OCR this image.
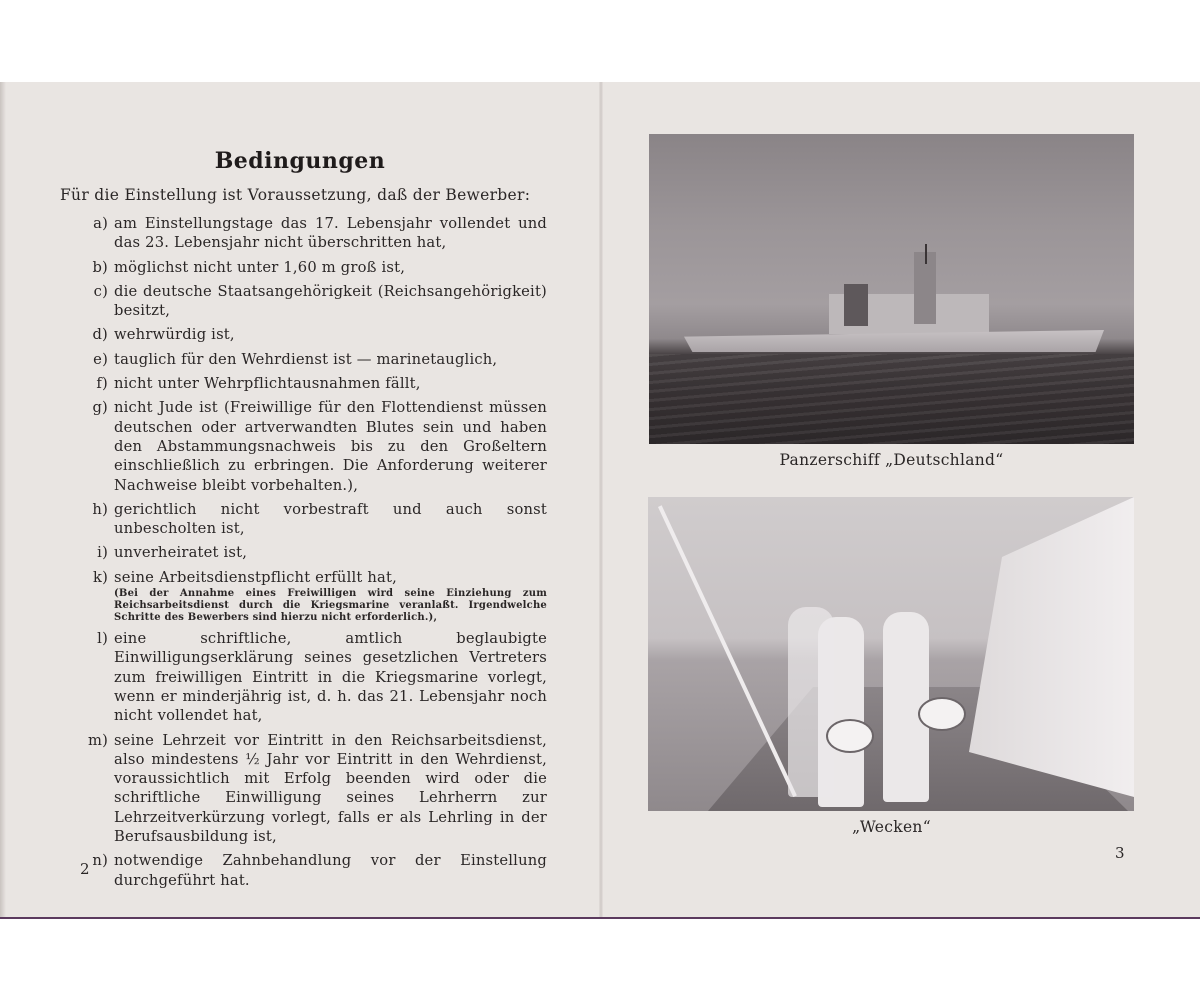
Bedingungen
Für die Einstellung ist Voraussetzung, daß der Bewerber:
a) am Einstellungstage das 17. Lebensjahr vollendet und das 23. Lebensjahr nicht überschritten hat,
b) möglichst nicht unter 1,60 m groß ist,
c) die deutsche Staatsangehörigkeit (Reichsangehörigkeit) besitzt,
d) wehrwürdig ist,
e) tauglich für den Wehrdienst ist — marinetauglich,
f) nicht unter Wehrpflichtausnahmen fällt,
g) nicht Jude ist (Freiwillige für den Flottendienst müssen deutschen oder artverwandten Blutes sein und haben den Abstammungsnachweis bis zu den Großeltern einschließlich zu erbringen. Die Anforderung weiterer Nachweise bleibt vorbehalten.),
h) gerichtlich nicht vorbestraft und auch sonst unbescholten ist,
i) unverheiratet ist,
k) seine Arbeitsdienstpflicht erfüllt hat,
(Bei der Annahme eines Freiwilligen wird seine Einziehung zum Reichsarbeitsdienst durch die Kriegsmarine veranlaßt. Irgendwelche Schritte des Bewerbers sind hierzu nicht erforderlich.),
l) eine schriftliche, amtlich beglaubigte Einwilligungserklärung seines gesetzlichen Vertreters zum freiwilligen Eintritt in die Kriegsmarine vorlegt, wenn er minderjährig ist, d. h. das 21. Lebensjahr noch nicht vollendet hat,
m) seine Lehrzeit vor Eintritt in den Reichsarbeitsdienst, also mindestens ½ Jahr vor Eintritt in den Wehrdienst, voraussichtlich mit Erfolg beenden wird oder die schriftliche Einwilligung seines Lehrherrn zur Lehrzeitverkürzung vorlegt, falls er als Lehrling in der Berufsausbildung ist,
n) notwendige Zahnbehandlung vor der Einstellung durchgeführt hat.
2
Panzerschiff „Deutschland“
„Wecken“
3
